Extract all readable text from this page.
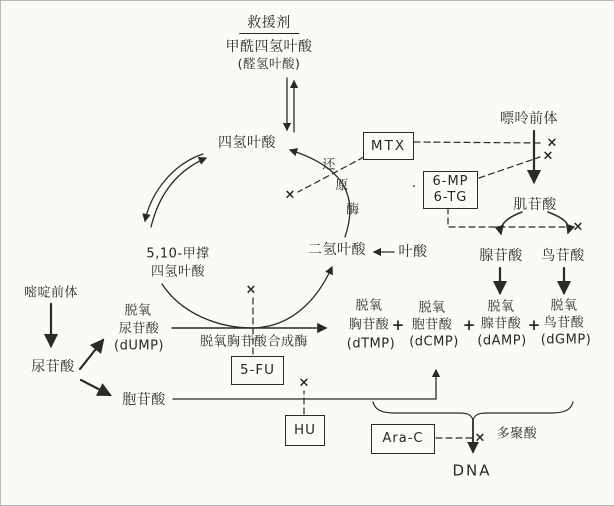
救援剂
甲酰四氢叶酸
(醛氢叶酸)
四氢叶酸
5,10-甲撑
四氢叶酸
二氢叶酸 叶酸
还
原
酶
嘌呤前体
肌苷酸
腺苷酸 鸟苷酸
嘧啶前体
尿苷酸
胞苷酸
脱氧
尿苷酸
(dUMP)	脱氧胸苷酸合成酶
脱氧
胸苷酸
(dTMP)
+
脱氧
胞苷酸
(dCMP)
+
脱氧
腺苷酸
(dAMP)
+
脱氧
鸟苷酸
(dGMP)
MTX
6-MP
6-TG
5-FU
HU
Ara-C
·
×
×
×
×
×
×
× 多聚酸
DNA
